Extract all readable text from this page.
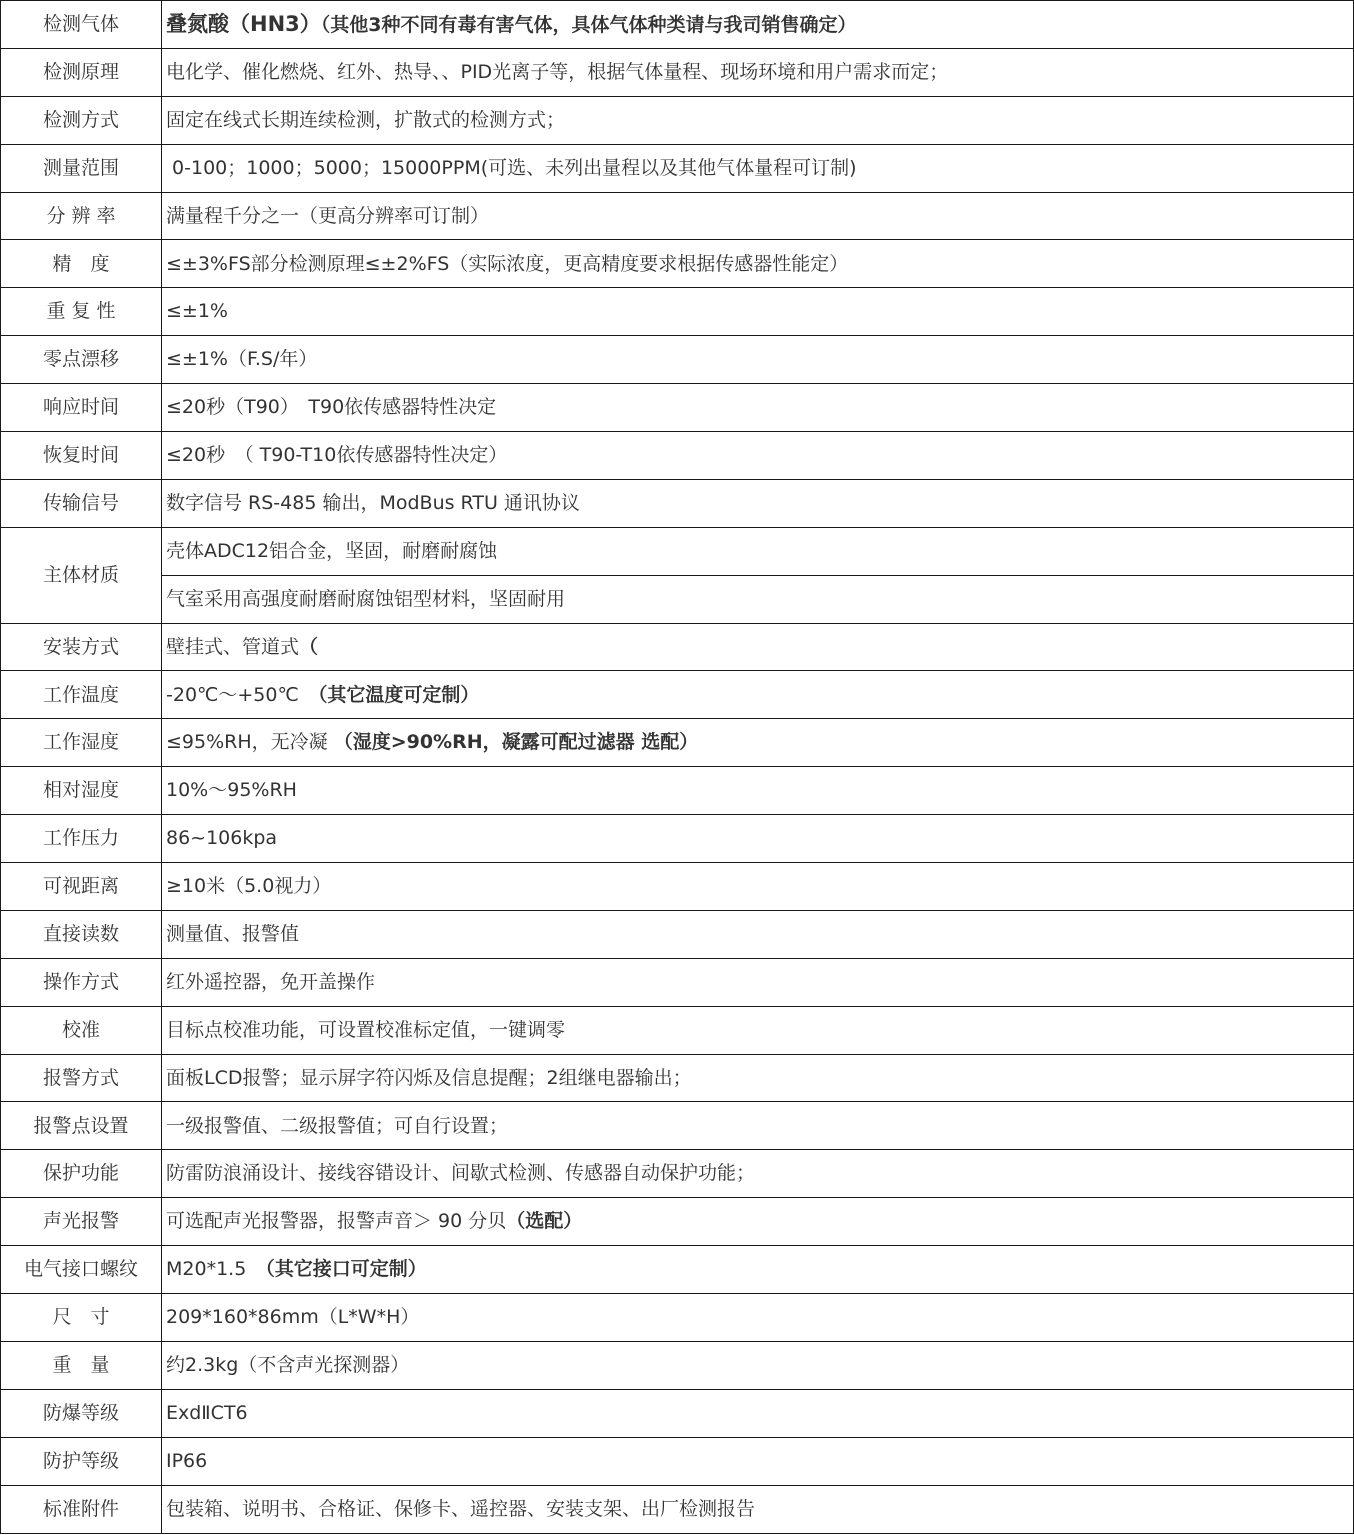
检测气体	叠氮酸（HN3）（其他3种不同有毒有害气体，具体气体种类请与我司销售确定）
检测原理	电化学、催化燃烧、红外、热导、、PID光离子等，根据气体量程、现场环境和用户需求而定；
检测方式	固定在线式长期连续检测，扩散式的检测方式；
测量范围	0-100；1000；5000；15000PPM(可选、未列出量程以及其他气体量程可订制)
分 辨 率	满量程千分之一（更高分辨率可订制）
精　度	≤±3%FS部分检测原理≤±2%FS（实际浓度，更高精度要求根据传感器性能定）
重 复 性	≤±1%
零点漂移	≤±1%（F.S/年）
响应时间	≤20秒（T90）　T90依传感器特性决定
恢复时间	≤20秒　（ T90-T10依传感器特性决定）
传输信号	数字信号 RS-485 输出，ModBus RTU 通讯协议
主体材质	壳体ADC12铝合金，坚固，耐磨耐腐蚀
	气室采用高强度耐磨耐腐蚀铝型材料，坚固耐用
安装方式	壁挂式、管道式（
工作温度	-20℃～+50℃　（其它温度可定制）
工作湿度	≤95%RH，无冷凝 （湿度>90%RH，凝露可配过滤器 选配）
相对湿度	10%～95%RH
工作压力	86~106kpa
可视距离	≥10米（5.0视力）
直接读数	测量值、报警值
操作方式	红外遥控器，免开盖操作
校准	目标点校准功能，可设置校准标定值，一键调零
报警方式	面板LCD报警；显示屏字符闪烁及信息提醒；2组继电器输出；
报警点设置	一级报警值、二级报警值；可自行设置；
保护功能	防雷防浪涌设计、接线容错设计、间歇式检测、传感器自动保护功能；
声光报警	可选配声光报警器，报警声音＞ 90 分贝（选配）
电气接口螺纹	M20*1.5　（其它接口可定制）
尺　寸	209*160*86mm（L*W*H）
重　量	约2.3kg（不含声光探测器）
防爆等级	ExdⅡCT6
防护等级	IP66
标准附件	包装箱、说明书、合格证、保修卡、遥控器、安装支架、出厂检测报告
